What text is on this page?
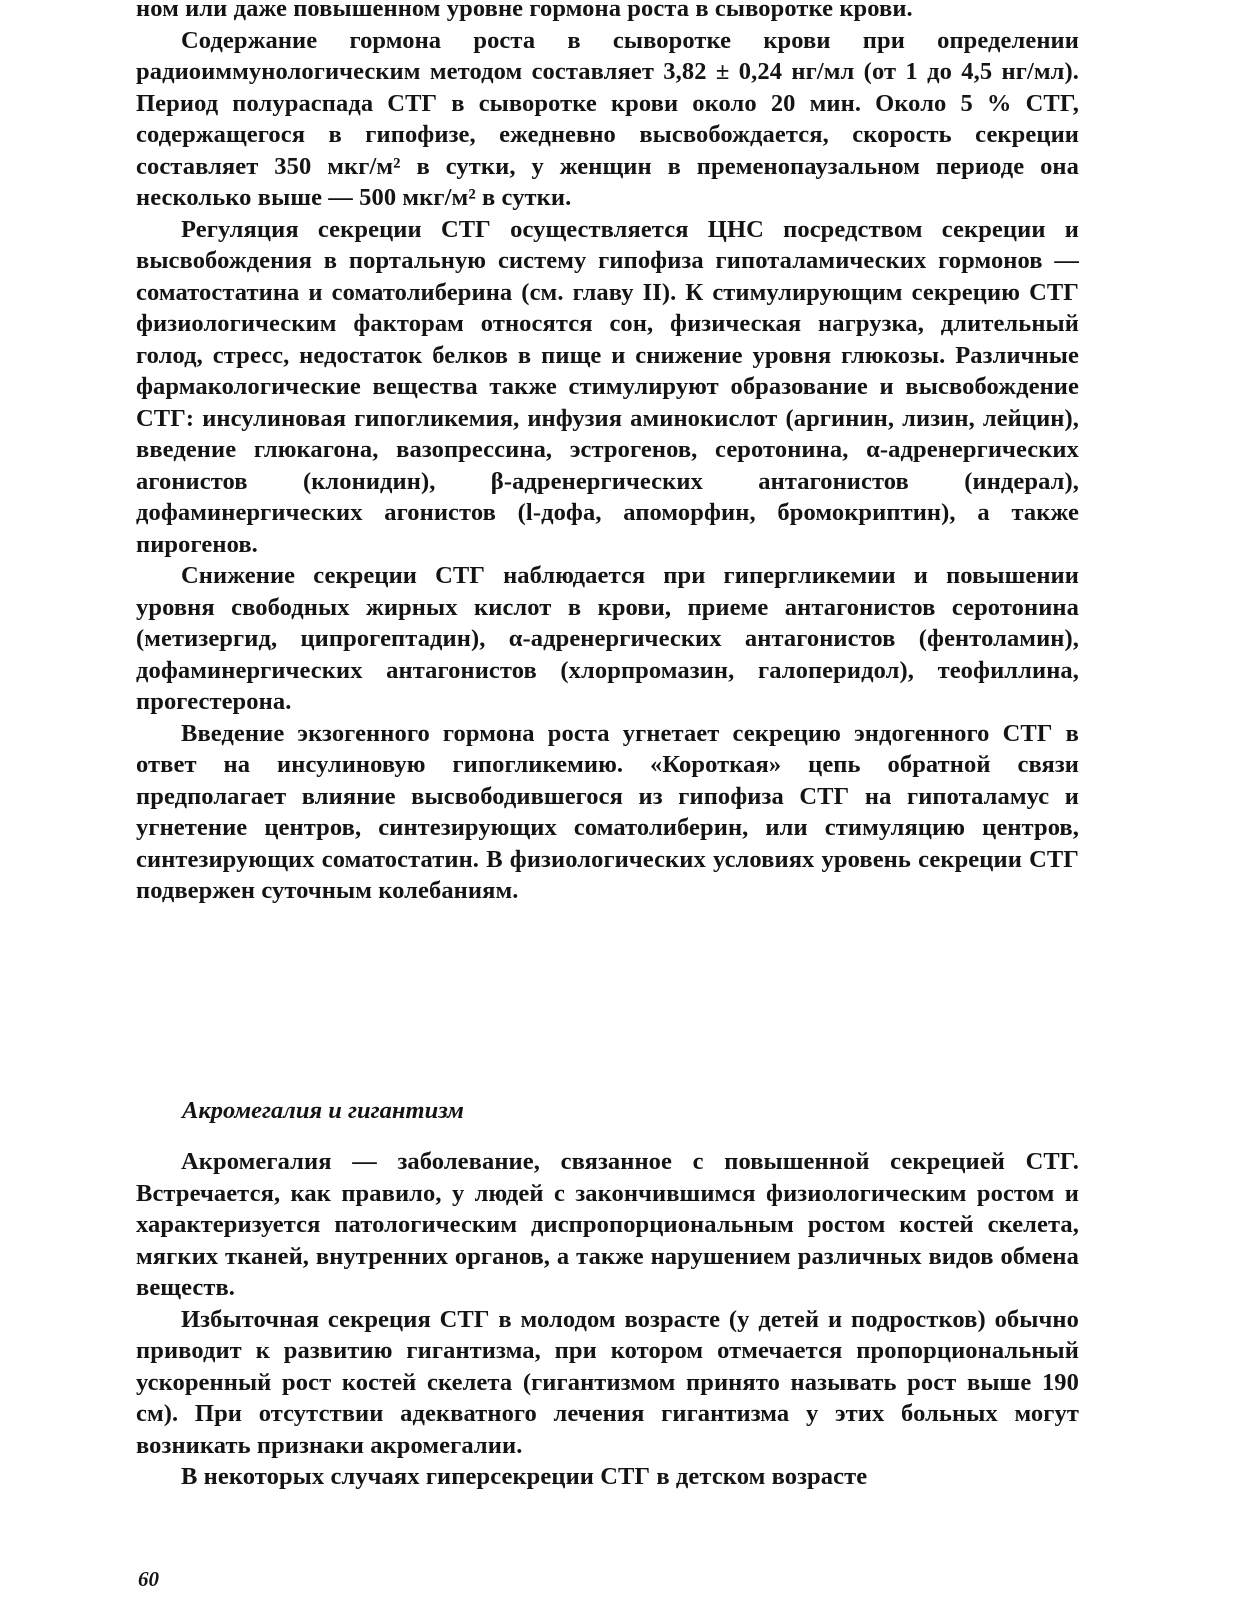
ном или даже повышенном уровне гормона роста в сыворотке крови.

Содержание гормона роста в сыворотке крови при определении радиоиммунологическим методом составляет 3,82 ± 0,24 нг/мл (от 1 до 4,5 нг/мл). Период полураспада СТГ в сыворотке крови около 20 мин. Около 5 % СТГ, содержащегося в гипофизе, ежедневно высвобождается, скорость секреции составляет 350 мкг/м² в сутки, у женщин в пременопаузальном периоде она несколько выше — 500 мкг/м² в сутки.

Регуляция секреции СТГ осуществляется ЦНС посредством секреции и высвобождения в портальную систему гипофиза гипоталамических гормонов — соматостатина и соматолиберина (см. главу II). К стимулирующим секрецию СТГ физиологическим факторам относятся сон, физическая нагрузка, длительный голод, стресс, недостаток белков в пище и снижение уровня глюкозы. Различные фармакологические вещества также стимулируют образование и высвобождение СТГ: инсулиновая гипогликемия, инфузия аминокислот (аргинин, лизин, лейцин), введение глюкагона, вазопрессина, эстрогенов, серотонина, α-адренергических агонистов (клонидин), β-адренергических антагонистов (индерал), дофаминергических агонистов (l-дофа, апоморфин, бромокриптин), а также пирогенов.

Снижение секреции СТГ наблюдается при гипергликемии и повышении уровня свободных жирных кислот в крови, приеме антагонистов серотонина (метизергид, ципрогептадин), α-адренергических антагонистов (фентоламин), дофаминергических антагонистов (хлорпромазин, галоперидол), теофиллина, прогестерона.

Введение экзогенного гормона роста угнетает секрецию эндогенного СТГ в ответ на инсулиновую гипогликемию. «Короткая» цепь обратной связи предполагает влияние высвободившегося из гипофиза СТГ на гипоталамус и угнетение центров, синтезирующих соматолиберин, или стимуляцию центров, синтезирующих соматостатин. В физиологических условиях уровень секреции СТГ подвержен суточным колебаниям.

Акромегалия и гигантизм

Акромегалия — заболевание, связанное с повышенной секрецией СТГ. Встречается, как правило, у людей с закончившимся физиологическим ростом и характеризуется патологическим диспропорциональным ростом костей скелета, мягких тканей, внутренних органов, а также нарушением различных видов обмена веществ.

Избыточная секреция СТГ в молодом возрасте (у детей и подростков) обычно приводит к развитию гигантизма, при котором отмечается пропорциональный ускоренный рост костей скелета (гигантизмом принято называть рост выше 190 см). При отсутствии адекватного лечения гигантизма у этих больных могут возникать признаки акромегалии.

В некоторых случаях гиперсекреции СТГ в детском возрасте

60
